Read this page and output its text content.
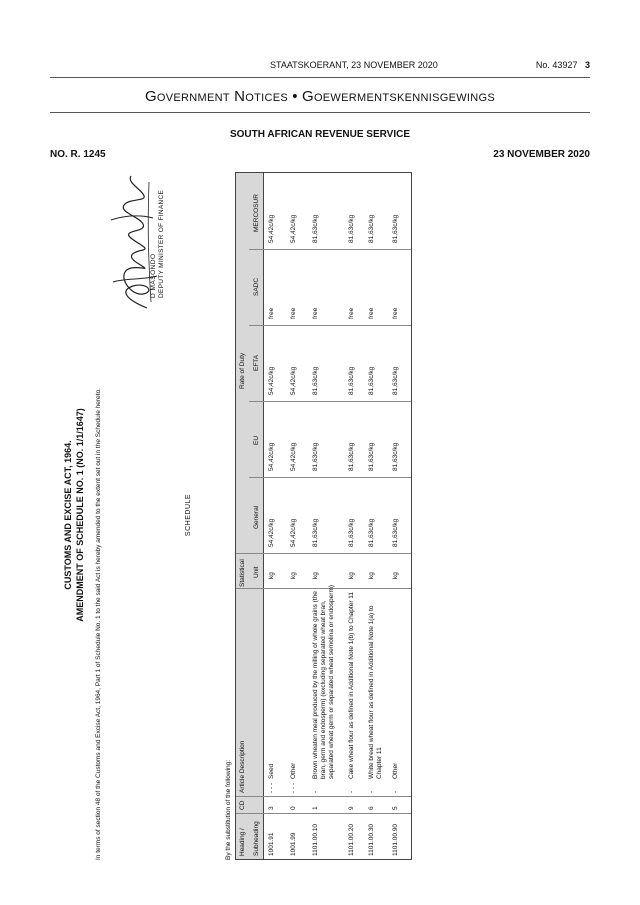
STAATSKOERANT, 23 NOVEMBER 2020	No. 43927 3
GOVERNMENT NOTICES • GOEWERMENTSKENNISGEWINGS
SOUTH AFRICAN REVENUE SERVICE
NO. R. 1245	23 NOVEMBER 2020
CUSTOMS AND EXCISE ACT, 1964. AMENDMENT OF SCHEDULE NO. 1 (NO. 1/1/1647) In terms of section 48 of the Customs and Excise Act, 1964, Part 1 of Schedule No. 1 to the said Act is hereby amended to the extent set out in the Schedule hereto.
D MASONDO DEPUTY MINISTER OF FINANCE
SCHEDULE
By the substitution of the following: Heading / Subheading
CD
Article Description
Statistical Unit
Rate of Duty
General
EU
EFTA
SADC
MERCOSUR
1001.91
3
- - -
kg
54,42c/kg
54,42c/kg
54,42c/kg
free
54,42c/kg
Seed
1001.99
0
- - -
kg
54,42c/kg
54,42c/kg
54,42c/kg
free
54,42c/kg
Other
1101.00.10
1
-
kg
81,63c/kg
81,63c/kg
81,63c/kg
free
81,63c/kg
Brown wheaten meal produced by the milling of whole grains (the bran, germ and endosperm) (excluding separated wheat bran, separated wheat germ or separated wheat semolina or endosperm)
1101.00.20
9
-
kg
81,63c/kg
81,63c/kg
81,63c/kg
free
81,63c/kg
Cake wheat flour as defined in Additional Note 1(b) to Chapter 11
1101.00.30
6
-
kg
81,63c/kg
81,63c/kg
81,63c/kg
free
81,63c/kg
White bread wheat flour as defined in Additional Note 1(a) to Chapter 11
1101.00.90
5
-
kg
81,63c/kg
81,63c/kg
81,63c/kg
free
81,63c/kg
Other
